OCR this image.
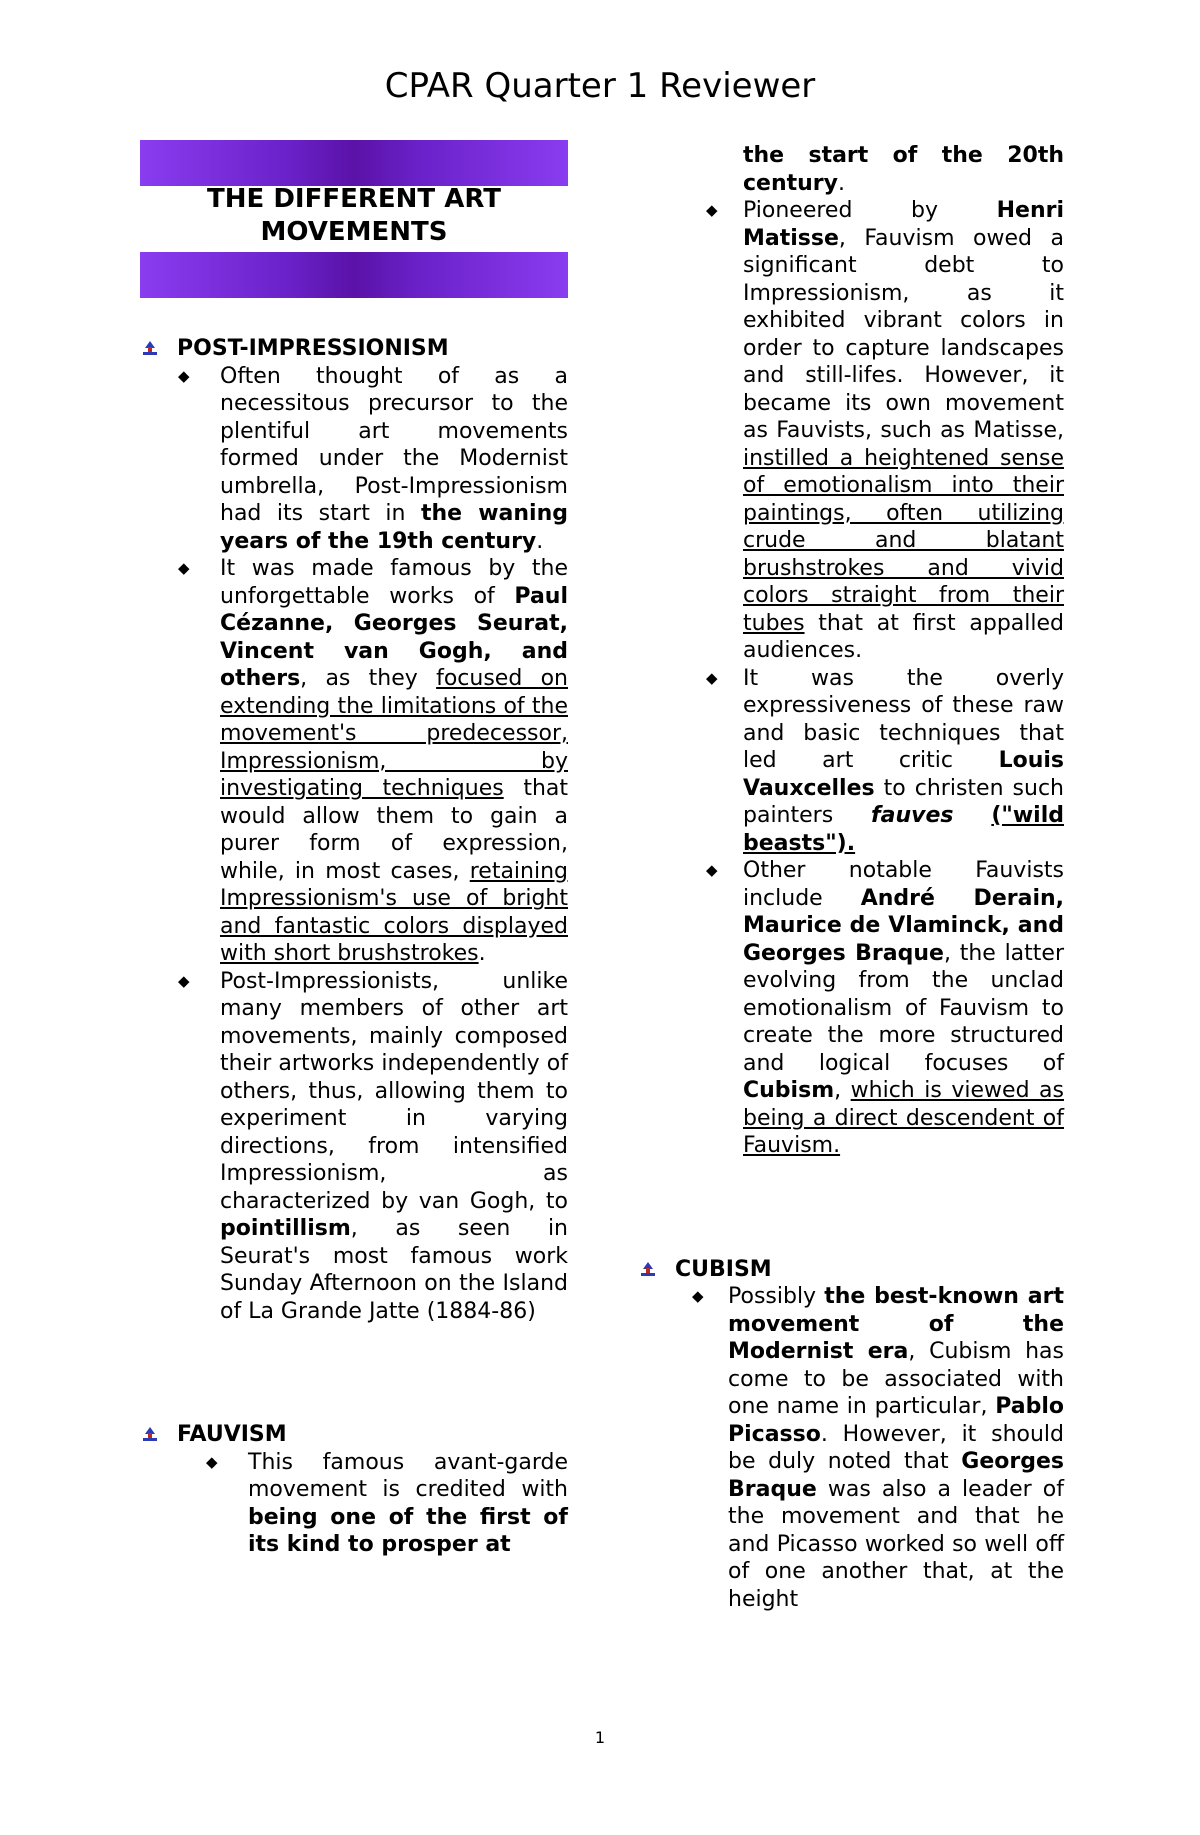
CPAR Quarter 1 Reviewer
THE DIFFERENT ART
MOVEMENTS
POST-IMPRESSIONISM
◆ Often thought of as a necessitous precursor to the plentiful art movements formed under the Modernist umbrella, Post-Impressionism had its start in the waning years of the 19th century.
◆ It was made famous by the unforgettable works of Paul Cézanne, Georges Seurat, Vincent van Gogh, and others, as they focused on extending the limitations of the movement's predecessor, Impressionism, by investigating techniques that would allow them to gain a purer form of expression, while, in most cases, retaining Impressionism's use of bright and fantastic colors displayed with short brushstrokes.
◆ Post-Impressionists, unlike many members of other art movements, mainly composed their artworks independently of others, thus, allowing them to experiment in varying directions, from intensified Impressionism, as characterized by van Gogh, to pointillism, as seen in Seurat's most famous work Sunday Afternoon on the Island of La Grande Jatte (1884-86)
FAUVISM
◆ This famous avant-garde movement is credited with being one of the first of its kind to prosper at
the start of the 20th century.
◆ Pioneered by Henri Matisse, Fauvism owed a significant debt to Impressionism, as it exhibited vibrant colors in order to capture landscapes and still-lifes. However, it became its own movement as Fauvists, such as Matisse, instilled a heightened sense of emotionalism into their paintings, often utilizing crude and blatant brushstrokes and vivid colors straight from their tubes that at first appalled audiences.
◆ It was the overly expressiveness of these raw and basic techniques that led art critic Louis Vauxcelles to christen such painters fauves ("wild beasts").
◆ Other notable Fauvists include André Derain, Maurice de Vlaminck, and Georges Braque, the latter evolving from the unclad emotionalism of Fauvism to create the more structured and logical focuses of Cubism, which is viewed as being a direct descendent of Fauvism.
CUBISM
◆ Possibly the best-known art movement of the Modernist era, Cubism has come to be associated with one name in particular, Pablo Picasso. However, it should be duly noted that Georges Braque was also a leader of the movement and that he and Picasso worked so well off of one another that, at the height
1
